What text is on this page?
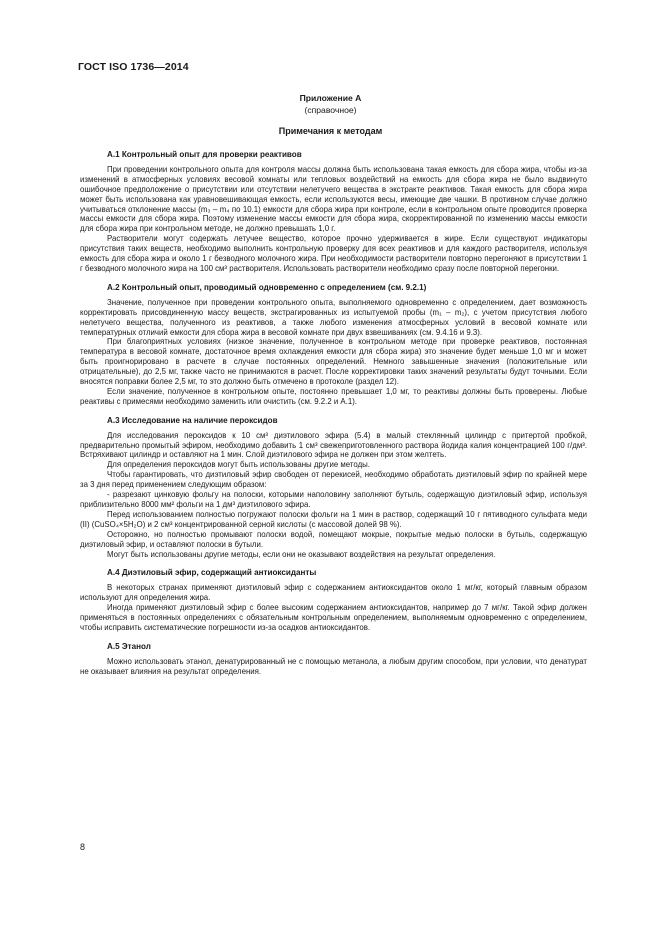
ГОСТ ISO 1736—2014
Приложение А
(справочное)
Примечания к методам
А.1 Контрольный опыт для проверки реактивов

При проведении контрольного опыта для контроля массы должна быть использована такая емкость для сбора жира, чтобы из-за изменений в атмосферных условиях весовой комнаты или тепловых воздействий на емкость для сбора жира не было выдвинуто ошибочное предположение о присутствии или отсутствии нелетучего вещества в экстракте реактивов. Такая емкость для сбора жира может быть использована как уравновешивающая емкость, если используются весы, имеющие две чашки. В противном случае должно учитываться отклонение массы (m₃ – m₄ по 10.1) емкости для сбора жира при контроле, если в контрольном опыте проводится проверка массы емкости для сбора жира. Поэтому изменение массы емкости для сбора жира, скорректированной по изменению массы емкости для сбора жира при контрольном методе, не должно превышать 1,0 г.

Растворители могут содержать летучее вещество, которое прочно удерживается в жире. Если существуют индикаторы присутствия таких веществ, необходимо выполнить контрольную проверку для всех реактивов и для каждого растворителя, используя емкость для сбора жира и около 1 г безводного молочного жира. При необходимости растворители повторно перегоняют в присутствии 1 г безводного молочного жира на 100 см³ растворителя. Использовать растворители необходимо сразу после повторной перегонки.

А.2 Контрольный опыт, проводимый одновременно с определением (см. 9.2.1)

Значение, полученное при проведении контрольного опыта, выполняемого одновременно с определением, дает возможность корректировать присовдиненную массу веществ, экстрагированных из испытуемой пробы (m₁ – m₂), с учетом присутствия любого нелетучего вещества, полученного из реактивов, а также любого изменения атмосферных условий в весовой комнате или температурных отличий емкости для сбора жира в весовой комнате при двух взвешиваниях (см. 9.4.16 и 9.3).

При благоприятных условиях (низкое значение, полученное в контрольном методе при проверке реактивов, постоянная температура в весовой комнате, достаточное время охлаждения емкости для сбора жира) это значение будет меньше 1,0 мг и может быть проигнорировано в расчете в случае постоянных определений. Немного завышенные значения (положительные или отрицательные), до 2,5 мг, также часто не принимаются в расчет. После корректировки таких значений результаты будут точными. Если вносятся поправки более 2,5 мг, то это должно быть отмечено в протоколе (раздел 12).

Если значение, полученное в контрольном опыте, постоянно превышает 1,0 мг, то реактивы должны быть проверены. Любые реактивы с примесями необходимо заменить или очистить (см. 9.2.2 и А.1).

А.3 Исследование на наличие пероксидов

Для исследования пероксидов к 10 см³ диэтилового эфира (5.4) в малый стеклянный цилиндр с притертой пробкой, предварительно промытый эфиром, необходимо добавить 1 см³ свежеприготовленного раствора йодида калия концентрацией 100 г/дм³. Встряхивают цилиндр и оставляют на 1 мин. Слой диэтилового эфира не должен при этом желтеть.

Для определения пероксидов могут быть использованы другие методы.

Чтобы гарантировать, что диэтиловый эфир свободен от перекисей, необходимо обработать диэтиловый эфир по крайней мере за 3 дня перед применением следующим образом:

- разрезают цинковую фольгу на полоски, которыми наполовину заполняют бутыль, содержащую диэтиловый эфир, используя приблизительно 8000 мм² фольги на 1 дм³ диэтилового эфира.

Перед использованием полностью погружают полоски фольги на 1 мин в раствор, содержащий 10 г пятиводного сульфата меди (II) (CuSO₄×5H₂O) и 2 см³ концентрированной серной кислоты (с массовой долей 98 %).

Осторожно, но полностью промывают полоски водой, помещают мокрые, покрытые медью полоски в бутыль, содержащую диэтиловый эфир, и оставляют полоски в бутыли.

Могут быть использованы другие методы, если они не оказывают воздействия на результат определения.

А.4 Диэтиловый эфир, содержащий антиоксиданты

В некоторых странах применяют диэтиловый эфир с содержанием антиоксидантов около 1 мг/кг, который главным образом используют для определения жира.

Иногда применяют диэтиловый эфир с более высоким содержанием антиоксидантов, например до 7 мг/кг. Такой эфир должен применяться в постоянных определениях с обязательным контрольным определением, выполняемым одновременно с определением, чтобы исправить систематические погрешности из-за осадков антиоксидантов.

А.5 Этанол

Можно использовать этанол, денатурированный не с помощью метанола, а любым другим способом, при условии, что денатурат не оказывает влияния на результат определения.

8
